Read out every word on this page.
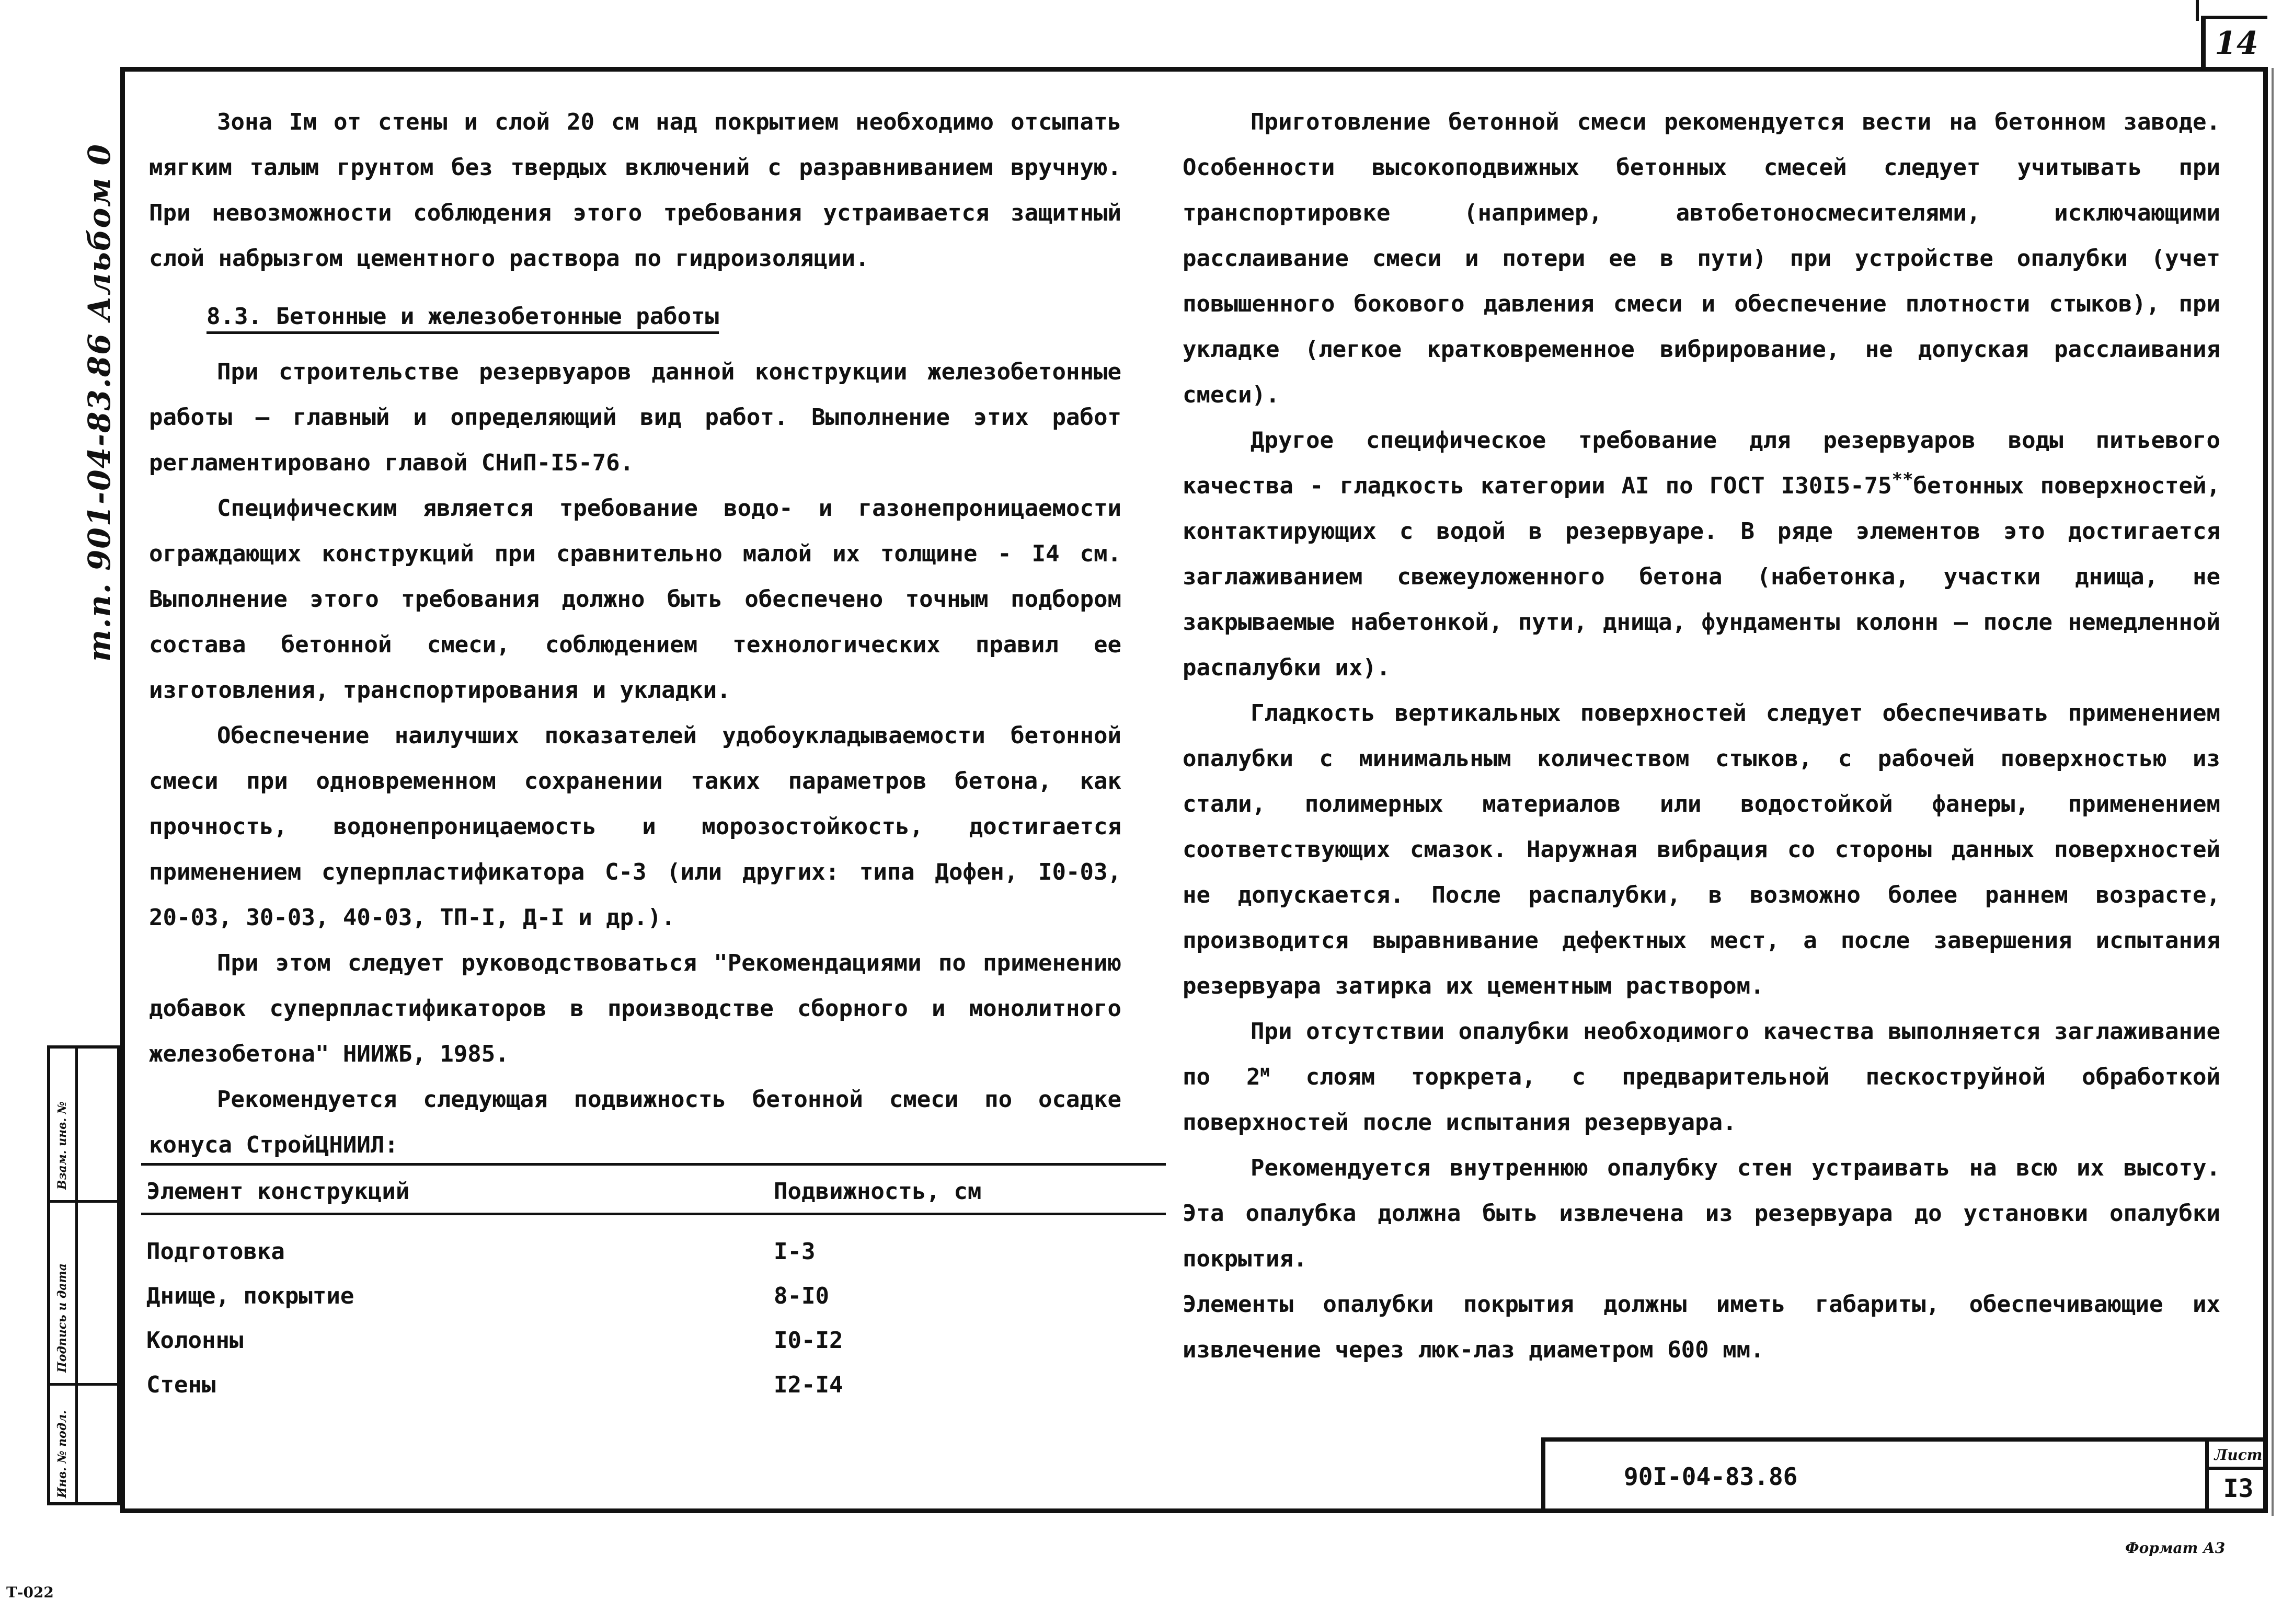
14
т.п. 901-04-83.86 Альбом 0
Инв. № подл.
Подпись и дата
Взам. инв. №

Зона Iм от стены и слой 20 см над покрытием необходимо отсыпать мягким талым грунтом без твердых включений с разравниванием вручную. При невозможности соблюдения этого требования устраивается защитный слой набрызгом цементного раствора по гидроизоляции.

8.3. Бетонные и железобетонные работы

При строительстве резервуаров данной конструкции железобетонные работы — главный и определяющий вид работ. Выполнение этих работ регламентировано главой СНиП-I5-76.

Специфическим является требование водо- и газонепроницаемости ограждающих конструкций при сравнительно малой их толщине - I4 см. Выполнение этого требования должно быть обеспечено точным подбором состава бетонной смеси, соблюдением технологических правил ее изготовления, транспортирования и укладки.

Обеспечение наилучших показателей удобоукладываемости бетонной смеси при одновременном сохранении таких параметров бетона, как прочность, водонепроницаемость и морозостойкость, достигается применением суперпластификатора С-3 (или других: типа Дофен, I0-03, 20-03, 30-03, 40-03, ТП-I, Д-I и др.).

При этом следует руководствоваться "Рекомендациями по применению добавок суперпластификаторов в производстве сборного и монолитного железобетона" НИИЖБ, 1985.

Рекомендуется следующая подвижность бетонной смеси по осадке конуса СтройЦНИИЛ:

Элемент конструкций	Подвижность, см
Подготовка	I-3
Днище, покрытие	8-I0
Колонны	I0-I2
Стены	I2-I4

Приготовление бетонной смеси рекомендуется вести на бетонном заводе. Особенности высокоподвижных бетонных смесей следует учитывать при транспортировке (например, автобетоносмесителями, исключающими расслаивание смеси и потери ее в пути) при устройстве опалубки (учет повышенного бокового давления смеси и обеспечение плотности стыков), при укладке (легкое кратковременное вибрирование, не допуская расслаивания смеси).

Другое специфическое требование для резервуаров воды питьевого качества - гладкость категории АI по ГОСТ I30I5-75**бетонных поверхностей, контактирующих с водой в резервуаре. В ряде элементов это достигается заглаживанием свежеуложенного бетона (набетонка, участки днища, не закрываемые набетонкой, пути, днища, фундаменты колонн – после немедленной распалубки их).

Гладкость вертикальных поверхностей следует обеспечивать применением опалубки с минимальным количеством стыков, с рабочей поверхностью из стали, полимерных материалов или водостойкой фанеры, применением соответствующих смазок. Наружная вибрация со стороны данных поверхностей не допускается. После распалубки, в возможно более раннем возрасте, производится выравнивание дефектных мест, а после завершения испытания резервуара затирка их цементным раствором.

При отсутствии опалубки необходимого качества выполняется заглаживание по $2^м$ слоям торкрета, с предварительной пескоструйной обработкой поверхностей после испытания резервуара.

Рекомендуется внутреннюю опалубку стен устраивать на всю их высоту. Эта опалубка должна быть извлечена из резервуара до установки опалубки покрытия.

Элементы опалубки покрытия должны иметь габариты, обеспечивающие их извлечение через люк-лаз диаметром 600 мм.

90I-04-83.86
Лист
I3
Формат А3
Т-022
